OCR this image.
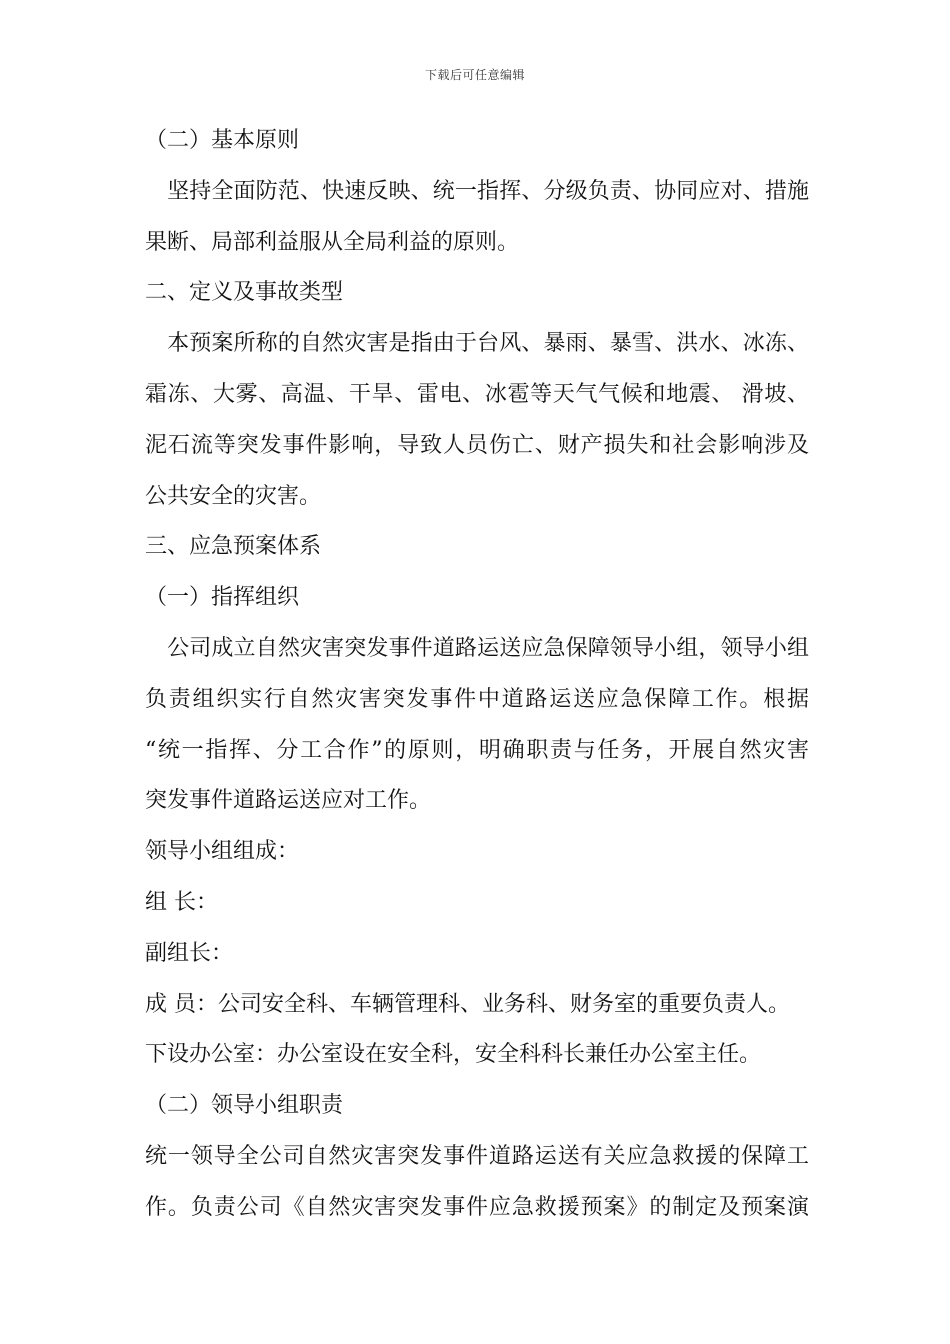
下载后可任意编辑
（二）基本原则
　坚持全面防范、快速反映、统一指挥、分级负责、协同应对、措施
果断、局部利益服从全局利益的原则。
二、定义及事故类型
　本预案所称的自然灾害是指由于台风、暴雨、暴雪、洪水、冰冻、
霜冻、大雾、高温、干旱、雷电、冰雹等天气气候和地震、 滑坡、
泥石流等突发事件影响，导致人员伤亡、财产损失和社会影响涉及
公共安全的灾害。
三、应急预案体系
（一）指挥组织
　公司成立自然灾害突发事件道路运送应急保障领导小组，领导小组
负责组织实行自然灾害突发事件中道路运送应急保障工作。根据
“统一指挥、分工合作”的原则，明确职责与任务，开展自然灾害
突发事件道路运送应对工作。
领导小组组成：
组 长：
副组长：
成 员：公司安全科、车辆管理科、业务科、财务室的重要负责人。
下设办公室：办公室设在安全科，安全科科长兼任办公室主任。
（二）领导小组职责
统一领导全公司自然灾害突发事件道路运送有关应急救援的保障工
作。负责公司《自然灾害突发事件应急救援预案》的制定及预案演
